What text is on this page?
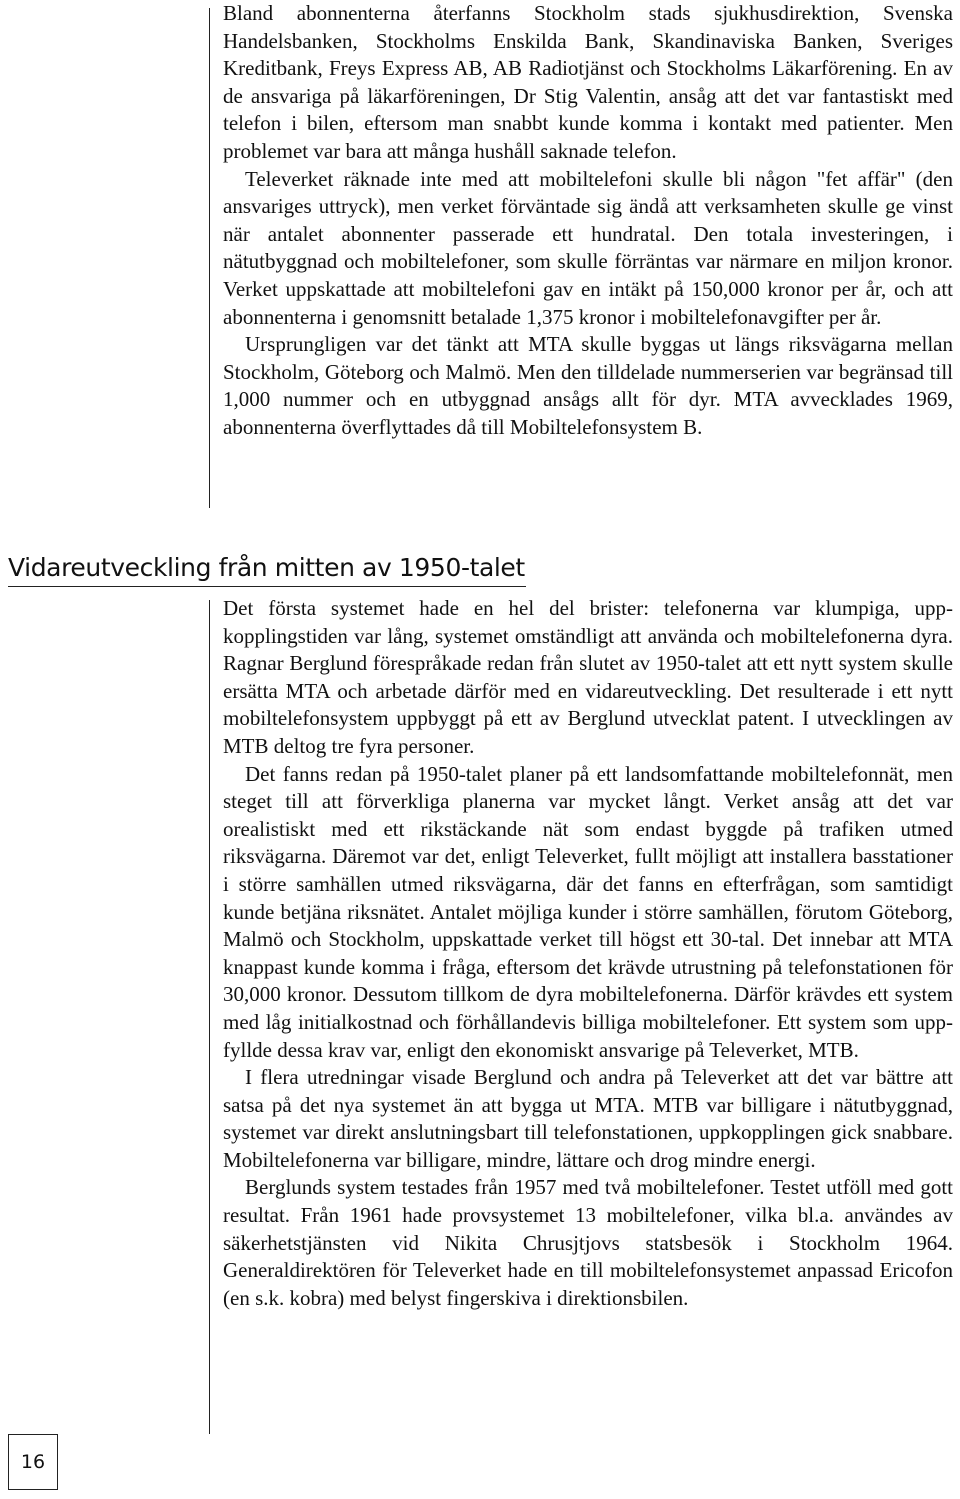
Bland abonnenterna återfanns Stockholm stads sjukhusdirektion, Svenska Handelsbanken, Stockholms Enskilda Bank, Skandinaviska Banken, Sveriges Kreditbank, Freys Express AB, AB Radiotjänst och Stockholms Läkarförening. En av de ansvariga på läkarföreningen, Dr Stig Valentin, ansåg att det var fantastiskt med telefon i bilen, eftersom man snabbt kunde komma i kontakt med patienter. Men problemet var bara att många hushåll saknade telefon.

Televerket räknade inte med att mobiltelefoni skulle bli någon "fet affär" (den ansvariges uttryck), men verket förväntade sig ändå att verksamheten skulle ge vinst när antalet abonnenter passerade ett hundratal. Den totala investeringen, i nätutbyggnad och mobiltelefoner, som skulle förräntas var närmare en miljon kronor. Verket uppskattade att mobiltelefoni gav en intäkt på 150,000 kronor per år, och att abonnenterna i genomsnitt betalade 1,375 kronor i mobiltelefonavgifter per år.

Ursprungligen var det tänkt att MTA skulle byggas ut längs riksvägarna mellan Stockholm, Göteborg och Malmö. Men den tilldelade nummerserien var begränsad till 1,000 nummer och en utbyggnad ansågs allt för dyr. MTA avvecklades 1969, abonnenterna överflyttades då till Mobiltelefonsystem B.

Vidareutveckling från mitten av 1950-talet

Det första systemet hade en hel del brister: telefonerna var klumpiga, uppkopplingstiden var lång, systemet omständligt att använda och mobiltelefonerna dyra. Ragnar Berglund förespråkade redan från slutet av 1950-talet att ett nytt system skulle ersätta MTA och arbetade därför med en vidareutveckling. Det resulterade i ett nytt mobiltelefonsystem uppbyggt på ett av Berglund utvecklat patent. I utvecklingen av MTB deltog tre fyra personer.

Det fanns redan på 1950-talet planer på ett landsomfattande mobiltelefonnät, men steget till att förverkliga planerna var mycket långt. Verket ansåg att det var orealistiskt med ett rikstäckande nät som endast byggde på trafiken utmed riksvägarna. Däremot var det, enligt Televerket, fullt möjligt att installera basstationer i större samhällen utmed riksvägarna, där det fanns en efterfrågan, som samtidigt kunde betjäna riksnätet. Antalet möjliga kunder i större samhällen, förutom Göteborg, Malmö och Stockholm, uppskattade verket till högst ett 30-tal. Det innebar att MTA knappast kunde komma i fråga, eftersom det krävde utrustning på telefonstationen för 30,000 kronor. Dessutom tillkom de dyra mobiltelefonerna. Därför krävdes ett system med låg initialkostnad och förhållandevis billiga mobiltelefoner. Ett system som uppfyllde dessa krav var, enligt den ekonomiskt ansvarige på Televerket, MTB.

I flera utredningar visade Berglund och andra på Televerket att det var bättre att satsa på det nya systemet än att bygga ut MTA. MTB var billigare i nätutbyggnad, systemet var direkt anslutningsbart till telefonstationen, uppkopplingen gick snabbare. Mobiltelefonerna var billigare, mindre, lättare och drog mindre energi.

Berglunds system testades från 1957 med två mobiltelefoner. Testet utföll med gott resultat. Från 1961 hade provsystemet 13 mobiltelefoner, vilka bl.a. användes av säkerhetstjänsten vid Nikita Chrusjtjovs statsbesök i Stockholm 1964. Generaldirektören för Televerket hade en till mobiltelefonsystemet anpassad Ericofon (en s.k. kobra) med belyst fingerskiva i direktionsbilen.

16
